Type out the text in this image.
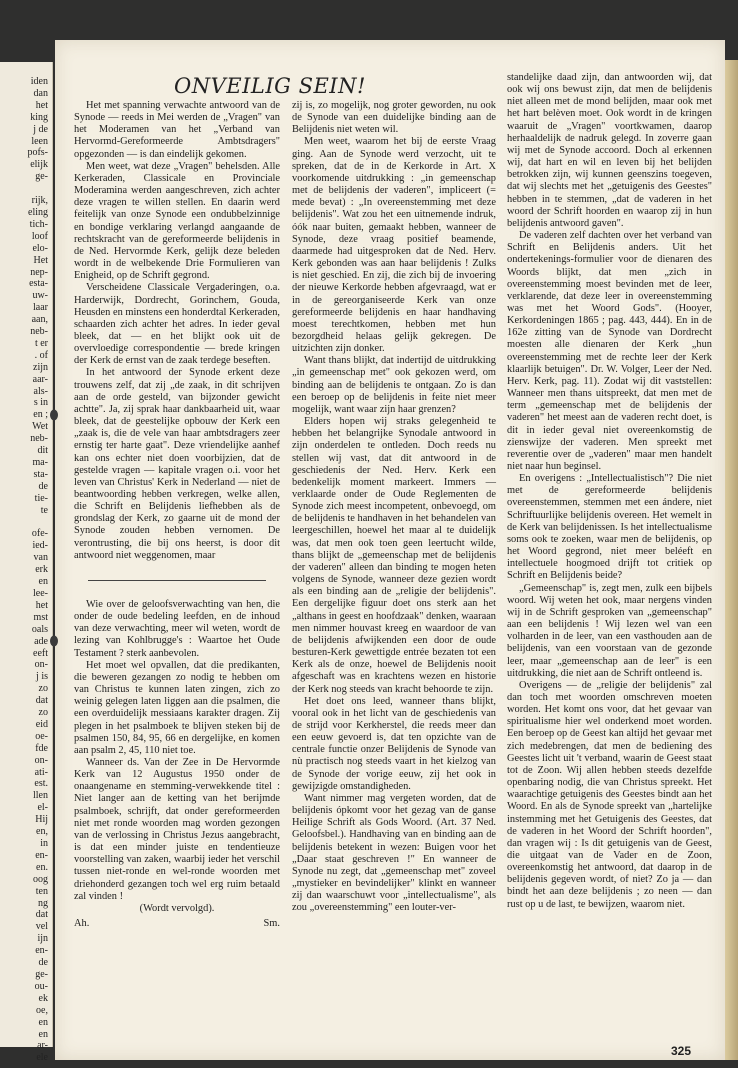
iden
dan
het
king
j de
leen
pofs-
elijk
ge-

rijk,
eling
tich-
loof
elo-
Het
nep-
esta-
uw-
laar
aan,
neb-
t er
. of
zijn
aar-
als-
s in
en ;
Wet
neb-
dit
ma-
sta-
de
tie-
te

ofe-
ied-
van
erk
en
lee-
het
mst
oals
ade
eeft
on-
j is
zo
dat
zo
eid
oe-
fde
on-
ati-
est.
llen
el-
Hij
en,
in
en-
en.
oog
ten
ng
dat
vel
ijn
en-
de
ge-
ou-
ek
oe,
en
en
ar-
ele
ONVEILIG SEIN!

Het met spanning verwachte antwoord van de Synode — reeds in Mei werden de „Vragen" van het Moderamen van het „Verband van Hervormd-Gereformeerde Ambtsdragers" opgezonden — is dan eindelijk gekomen.

Men weet, wat deze „Vragen" behelsden. Alle Kerkeraden, Classicale en Provinciale Moderamina werden aangeschreven, zich achter deze vragen te willen stellen. En daarin werd feitelijk van onze Synode een ondubbelzinnige en bondige verklaring verlangd aangaande de rechtskracht van de gereformeerde belijdenis in de Ned. Hervormde Kerk, gelijk deze beleden wordt in de welbekende Drie Formulieren van Enigheid, op de Schrift gegrond.

Verscheidene Classicale Vergaderingen, o.a. Harderwijk, Dordrecht, Gorinchem, Gouda, Heusden en minstens een honderdtal Kerkeraden, schaarden zich achter het adres. In ieder geval bleek, dat — en het blijkt ook uit de overvloedige correspondentie — brede kringen der Kerk de ernst van de zaak terdege beseften.

In het antwoord der Synode erkent deze trouwens zelf, dat zij „de zaak, in dit schrijven aan de orde gesteld, van bijzonder gewicht achtte". Ja, zij sprak haar dankbaarheid uit, waar bleek, dat de geestelijke opbouw der Kerk een „zaak is, die de vele van haar ambtsdragers zeer ernstig ter harte gaat". Deze vriendelijke aanhef kan ons echter niet doen voorbijzien, dat de gestelde vragen — kapitale vragen o.i. voor het leven van Christus' Kerk in Nederland — niet de beantwoording hebben verkregen, welke allen, die Schrift en Belijdenis liefhebben als de grondslag der Kerk, zo gaarne uit de mond der Synode zouden hebben vernomen. De verontrusting, die bij ons heerst, is door dit antwoord niet weggenomen, maar

Wie over de geloofsverwachting van hen, die onder de oude bedeling leefden, en de inhoud van deze verwachting, meer wil weten, wordt de lezing van Kohlbrugge's : Waartoe het Oude Testament ? sterk aanbevolen.

Het moet wel opvallen, dat die predikanten, die beweren gezangen zo nodig te hebben om van Christus te kunnen laten zingen, zich zo weinig gelegen laten liggen aan die psalmen, die een overduidelijk messiaans karakter dragen. Zij plegen in het psalmboek te blijven steken bij de psalmen 150, 84, 95, 66 en dergelijke, en komen aan psalm 2, 45, 110 niet toe.

Wanneer ds. Van der Zee in De Hervormde Kerk van 12 Augustus 1950 onder de onaangename en stemming-verwekkende titel : Niet langer aan de ketting van het berijmde psalmboek, schrijft, dat onder gereformeerden niet met ronde woorden mag worden gezongen van de verlossing in Christus Jezus aangebracht, is dat een minder juiste en tendentieuze voorstelling van zaken, waarbij ieder het verschil tussen niet-ronde en wel-ronde woorden met driehonderd gezangen toch wel erg ruim betaald zal vinden !

(Wordt vervolgd).

Ah.	Sm.

zij is, zo mogelijk, nog groter geworden, nu ook de Synode van een duidelijke binding aan de Belijdenis niet weten wil.

Men weet, waarom het bij de eerste Vraag ging. Aan de Synode werd verzocht, uit te spreken, dat de in de Kerkorde in Art. X voorkomende uitdrukking : „in gemeenschap met de belijdenis der vaderen", impliceert (= mede bevat) : „In overeenstemming met deze belijdenis". Wat zou het een uitnemende indruk, óók naar buiten, gemaakt hebben, wanneer de Synode, deze vraag positief beamende, daarmede had uitgesproken dat de Ned. Herv. Kerk gebonden was aan haar belijdenis ! Zulks is niet geschied. En zij, die zich bij de invoering der nieuwe Kerkorde hebben afgevraagd, wat er in de gereorganiseerde Kerk van onze gereformeerde belijdenis en haar handhaving moest terechtkomen, hebben met hun bezorgdheid helaas gelijk gekregen. De uitzichten zijn donker.

Want thans blijkt, dat indertijd de uitdrukking „in gemeenschap met" ook gekozen werd, om binding aan de belijdenis te ontgaan. Zo is dan een beroep op de belijdenis in feite niet meer mogelijk, want waar zijn haar grenzen?

Elders hopen wij straks gelegenheid te hebben het belangrijke Synodale antwoord in zijn onderdelen te ontleden. Doch reeds nu stellen wij vast, dat dit antwoord in de geschiedenis der Ned. Herv. Kerk een bedenkelijk moment markeert. Immers — verklaarde onder de Oude Reglementen de Synode zich meest incompetent, onbevoegd, om de belijdenis te handhaven in het behandelen van leergeschillen, hoewel het maar al te duidelijk was, dat men ook toen geen leertucht wilde, thans blijkt de „gemeenschap met de belijdenis der vaderen" alleen dan binding te mogen heten volgens de Synode, wanneer deze gezien wordt als een binding aan de „religie der belijdenis". Een dergelijke figuur doet ons sterk aan het „althans in geest en hoofdzaak" denken, waaraan men nimmer houvast kreeg en waardoor de van de belijdenis afwijkenden een door de oude besturen-Kerk gewettigde entrée bezaten tot een Kerk als de onze, hoewel de Belijdenis nooit afgeschaft was en krachtens wezen en historie der Kerk nog steeds van kracht behoorde te zijn.

Het doet ons leed, wanneer thans blijkt, vooral ook in het licht van de geschiedenis van de strijd voor Kerkherstel, die reeds meer dan een eeuw gevoerd is, dat ten opzichte van de centrale functie onzer Belijdenis de Synode van nù practisch nog steeds vaart in het kielzog van de Synode der vorige eeuw, zij het ook in gewijzigde omstandigheden.

Want nimmer mag vergeten worden, dat de belijdenis ópkomt voor het gezag van de ganse Heilige Schrift als Gods Woord. (Art. 37 Ned. Geloofsbel.). Handhaving van en binding aan de belijdenis betekent in wezen: Buigen voor het „Daar staat geschreven !" En wanneer de Synode nu zegt, dat „gemeenschap met" zoveel „mystieker en bevindelijker" klinkt en wanneer zij dan waarschuwt voor „intellectualisme", als zou „overeenstemming" een louter-ver-

standelijke daad zijn, dan antwoorden wij, dat ook wij ons bewust zijn, dat men de belijdenis niet alleen met de mond belijden, maar ook met het hart belèven moet. Ook wordt in de kringen waaruit de „Vragen" voortkwamen, daarop herhaaldelijk de nadruk gelegd. In zoverre gaan wij met de Synode accoord. Doch al erkennen wij, dat hart en wil en leven bij het belijden betrokken zijn, wij kunnen geenszins toegeven, dat wij slechts met het „getuigenis des Geestes" hebben in te stemmen, „dat de vaderen in het woord der Schrift hoorden en waarop zij in hun belijdenis antwoord gaven".

De vaderen zelf dachten over het verband van Schrift en Belijdenis anders. Uit het ondertekenings-formulier voor de dienaren des Woords blijkt, dat men „zich in overeenstemming moest bevinden met de leer, verklarende, dat deze leer in overeenstemming was met het Woord Gods". (Hooyer, Kerkordeningen 1865 ; pag. 443, 444). En in de 162e zitting van de Synode van Dordrecht moesten alle dienaren der Kerk „hun overeenstemming met de rechte leer der Kerk klaarlijk betuigen". Dr. W. Volger, Leer der Ned. Herv. Kerk, pag. 11). Zodat wij dit vaststellen: Wanneer men thans uitspreekt, dat men met de term „gemeenschap met de belijdenis der vaderen" het meest aan de vaderen recht doet, is dit in ieder geval niet overeenkomstig de zienswijze der vaderen. Men spreekt met reverentie over de „vaderen" maar men handelt niet naar hun beginsel.

En overigens : „Intellectualistisch"? Die niet met de gereformeerde belijdenis overeenstemmen, stemmen met een ándere, niet Schriftuurlijke belijdenis overeen. Het wemelt in de Kerk van belijdenissen. Is het intellectualisme soms ook te zoeken, waar men de belijdenis, op het Woord gegrond, niet meer beléeft en intellectuele hoogmoed drijft tot critiek op Schrift en Belijdenis beide?

„Gemeenschap" is, zegt men, zulk een bijbels woord. Wij weten het ook, maar nergens vinden wij in de Schrift gesproken van „gemeenschap" aan een belijdenis ! Wij lezen wel van een volharden in de leer, van een vasthouden aan de belijdenis, van een voorstaan van de gezonde leer, maar „gemeenschap aan de leer" is een uitdrukking, die niet aan de Schrift ontleend is.

Overigens — de „religie der belijdenis" zal dan toch met woorden omschreven moeten worden. Het komt ons voor, dat het gevaar van spiritualisme hier wel onderkend moet worden. Een beroep op de Geest kan altijd het gevaar met zich medebrengen, dat men de bediening des Geestes licht uit 't verband, waarin de Geest staat tot de Zoon. Wij allen hebben steeds dezelfde openbaring nodig, die van Christus spreekt. Het waarachtige getuigenis des Geestes bindt aan het Woord. En als de Synode spreekt van „hartelijke instemming met het Getuigenis des Geestes, dat de vaderen in het Woord der Schrift hoorden", dan vragen wij : Is dit getuigenis van de Geest, die uitgaat van de Vader en de Zoon, overeenkomstig het antwoord, dat daarop in de belijdenis gegeven wordt, of niet? Zo ja — dan bindt het aan deze belijdenis ; zo neen — dan rust op u de last, te bewijzen, waarom niet.

325
